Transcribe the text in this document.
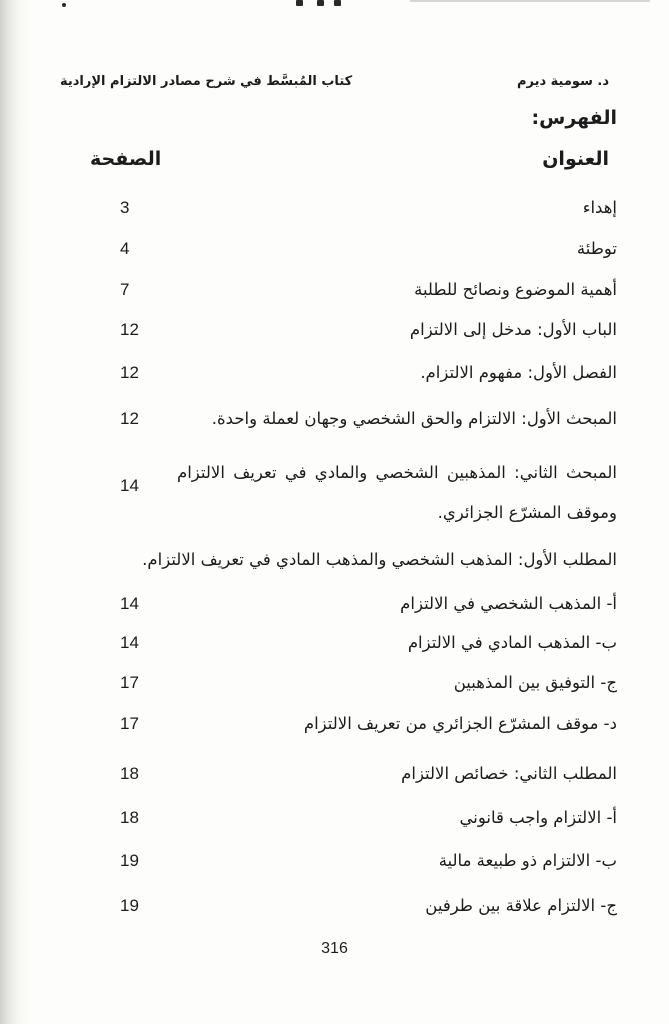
د. سومية ديرم
كتاب المُبسَّط في شرح مصادر الالتزام الإرادية
الفهرس:
العنوان
الصفحة
إهداء
3
توطئة
4
أهمية الموضوع ونصائح للطلبة
7
الباب الأول: مدخل إلى الالتزام
12
الفصل الأول: مفهوم الالتزام.
12
المبحث الأول: الالتزام والحق الشخصي وجهان لعملة واحدة.
12
المبحث الثاني: المذهبين الشخصي والمادي في تعريف الالتزام وموقف المشرّع الجزائري.
14
المطلب الأول: المذهب الشخصي والمذهب المادي في تعريف الالتزام.
أ- المذهب الشخصي في الالتزام
14
ب- المذهب المادي في الالتزام
14
ج- التوفيق بين المذهبين
17
د- موقف المشرّع الجزائري من تعريف الالتزام
17
المطلب الثاني: خصائص الالتزام
18
أ- الالتزام واجب قانوني
18
ب- الالتزام ذو طبيعة مالية
19
ج- الالتزام علاقة بين طرفين
19
316
